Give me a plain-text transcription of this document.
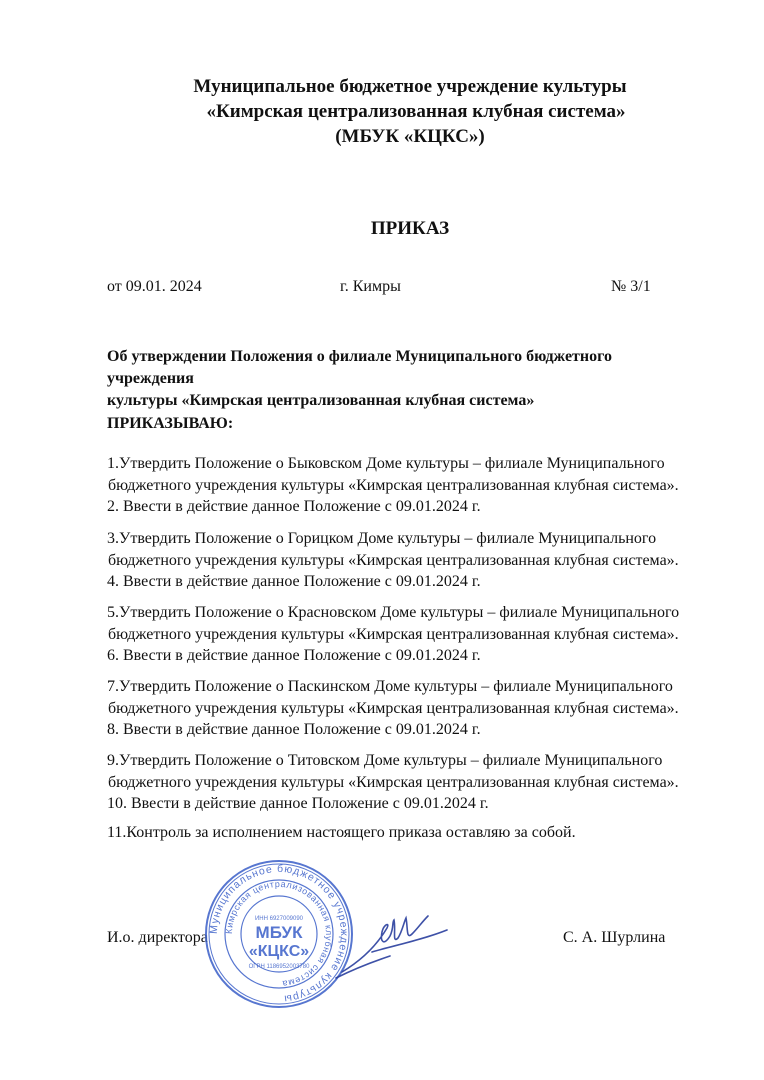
Муниципальное бюджетное учреждение культуры
«Кимрская централизованная клубная система»
(МБУК «КЦКС»)
ПРИКАЗ
от 09.01. 2024	г. Кимры	№ 3/1
Об утверждении Положения о филиале Муниципального бюджетного учреждения
культуры «Кимрская централизованная клубная система»
ПРИКАЗЫВАЮ:
1.Утвердить Положение о Быковском Доме культуры – филиале Муниципального
бюджетного учреждения культуры «Кимрская централизованная клубная система».
2. Ввести в действие данное Положение с 09.01.2024 г.
3.Утвердить Положение о Горицком Доме культуры – филиале Муниципального
бюджетного учреждения культуры «Кимрская централизованная клубная система».
4. Ввести в действие данное Положение с 09.01.2024 г.
5.Утвердить Положение о Красновском Доме культуры – филиале Муниципального
бюджетного учреждения культуры «Кимрская централизованная клубная система».
6. Ввести в действие данное Положение с 09.01.2024 г.
7.Утвердить Положение о Паскинском Доме культуры – филиале Муниципального
бюджетного учреждения культуры «Кимрская централизованная клубная система».
8. Ввести в действие данное Положение с 09.01.2024 г.
9.Утвердить Положение о Титовском Доме культуры – филиале Муниципального
бюджетного учреждения культуры «Кимрская централизованная клубная система».
10. Ввести в действие данное Положение с 09.01.2024 г.
11.Контроль за исполнением настоящего приказа оставляю за собой.
И.о. директора	С. А. Шурлина
Муниципальное бюджетное учреждение культуры
Кимрская централизованная клубная система
ИНН 6927009090
МБУК
«КЦКС»
ОГРН 1186952003780
